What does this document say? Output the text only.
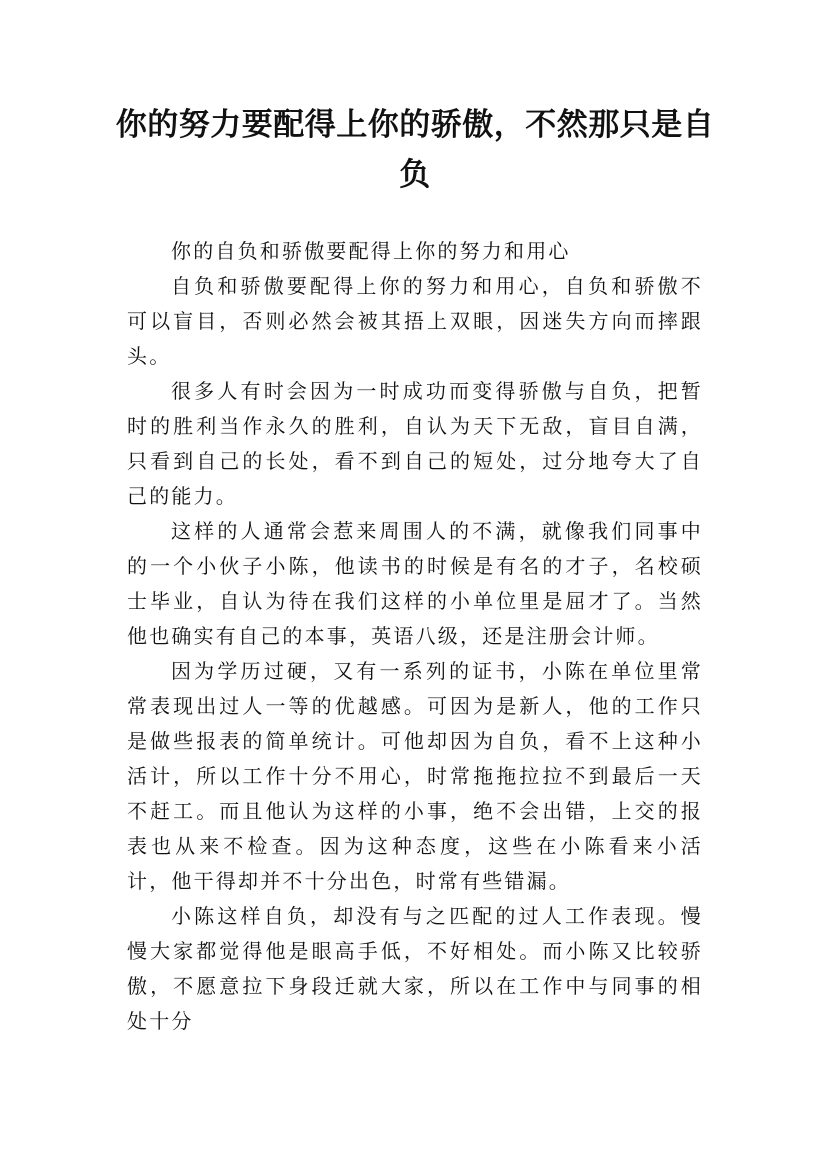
你的努力要配得上你的骄傲，不然那只是自负

你的自负和骄傲要配得上你的努力和用心

自负和骄傲要配得上你的努力和用心，自负和骄傲不可以盲目，否则必然会被其捂上双眼，因迷失方向而摔跟头。

很多人有时会因为一时成功而变得骄傲与自负，把暂时的胜利当作永久的胜利，自认为天下无敌，盲目自满，只看到自己的长处，看不到自己的短处，过分地夸大了自己的能力。

这样的人通常会惹来周围人的不满，就像我们同事中的一个小伙子小陈，他读书的时候是有名的才子，名校硕士毕业，自认为待在我们这样的小单位里是屈才了。当然他也确实有自己的本事，英语八级，还是注册会计师。

因为学历过硬，又有一系列的证书，小陈在单位里常常表现出过人一等的优越感。可因为是新人，他的工作只是做些报表的简单统计。可他却因为自负，看不上这种小活计，所以工作十分不用心，时常拖拖拉拉不到最后一天不赶工。而且他认为这样的小事，绝不会出错，上交的报表也从来不检查。因为这种态度，这些在小陈看来小活计，他干得却并不十分出色，时常有些错漏。

小陈这样自负，却没有与之匹配的过人工作表现。慢慢大家都觉得他是眼高手低，不好相处。而小陈又比较骄傲，不愿意拉下身段迁就大家，所以在工作中与同事的相处十分
